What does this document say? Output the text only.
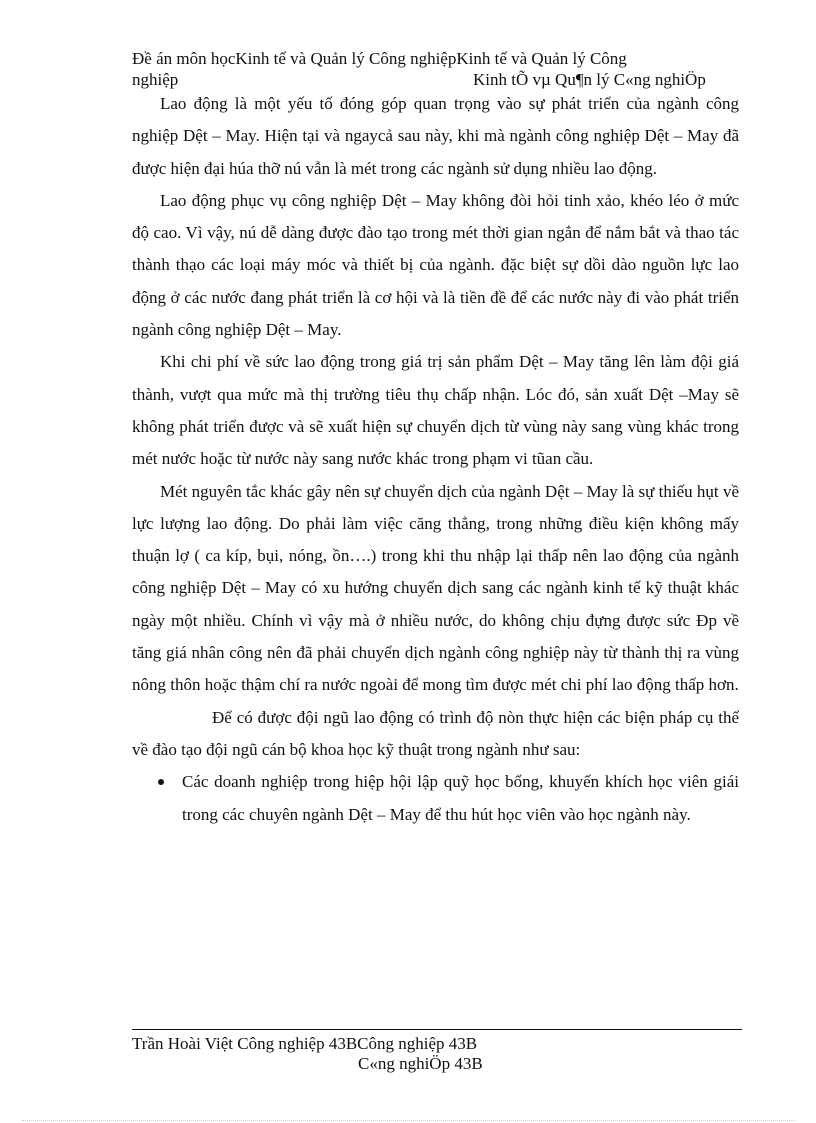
Đề án môn họcKinh tế và Quản lý Công nghiệpKinh tế và Quản lý Công
nghiệp	Kinh tÕ vµ Qu¶n lý C«ng nghiÖp

Lao động là một yếu tố đóng góp quan trọng vào sự phát triển của ngành công nghiệp Dệt – May. Hiện tại và ngaycả sau này, khi mà ngành công nghiệp Dệt – May đã được hiện đại húa thỡ nú vẫn là mét trong các ngành sử dụng nhiều lao động.

Lao động phục vụ công nghiệp Dệt – May không đòi hỏi tinh xảo, khéo léo ở mức độ cao. Vì vậy, nú dễ dàng được đào tạo trong mét thời gian ngắn để nắm bắt và thao tác thành thạo các loại máy móc và thiết bị của ngành. đặc biệt sự dồi dào nguồn lực lao động ở các nước đang phát triển là cơ hội và là tiền đề để các nước này đi vào phát triển ngành công nghiệp Dệt – May.

Khi chi phí về sức lao động trong giá trị sản phẩm Dệt – May tăng lên làm đội giá thành, vượt qua mức mà thị trường tiêu thụ chấp nhận. Lóc đó, sản xuất Dệt –May sẽ không phát triển được và sẽ xuất hiện sự chuyển dịch từ vùng này sang vùng khác trong mét nước hoặc từ nước này sang nước khác trong phạm vi tũan cầu.

Mét nguyên tắc khác gây nên sự chuyển dịch của ngành Dệt – May là sự thiếu hụt về lực lượng lao động. Do phải làm việc căng thẳng, trong những điều kiện không mấy thuận lợ ( ca kíp, bụi, nóng, ồn….) trong khi thu nhập lại thấp nên lao động của ngành công nghiệp Dệt – May có xu hướng chuyển dịch sang các ngành kinh tế kỹ thuật khác ngày một nhiều. Chính vì vậy mà ở nhiều nước, do không chịu đựng được sức Đp về tăng giá nhân công nên đã phải chuyển dịch ngành công nghiệp này từ thành thị ra vùng nông thôn hoặc thậm chí ra nước ngoài để mong tìm được mét chi phí lao động thấp hơn.

Để có được đội ngũ lao động có trình độ nòn thực hiện các biện pháp cụ thể về đào tạo đội ngũ cán bộ khoa học kỹ thuật trong ngành như sau:

Các doanh nghiệp trong hiệp hội lập quỹ học bổng, khuyến khích học viên giái trong các chuyên ngành Dệt – May để thu hút học viên vào học ngành này.
Trần Hoài Việt Công nghiệp 43BCông nghiệp 43B
C«ng nghiÖp 43B
